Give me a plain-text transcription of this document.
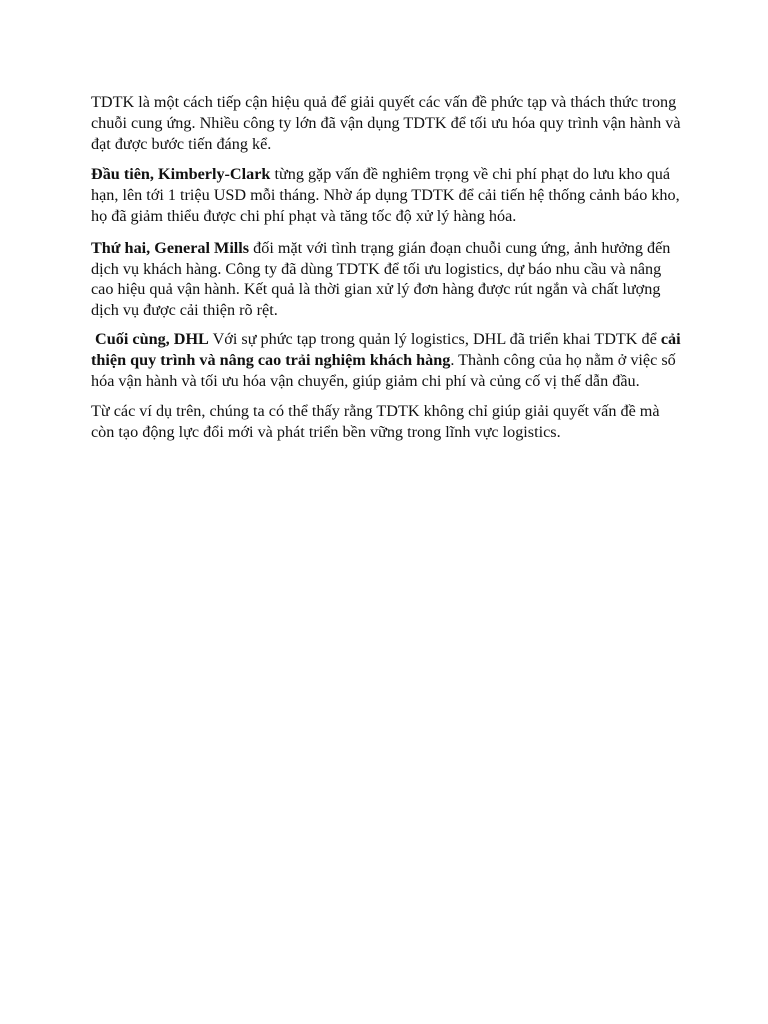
TDTK là một cách tiếp cận hiệu quả để giải quyết các vấn đề phức tạp và thách thức trong chuỗi cung ứng. Nhiều công ty lớn đã vận dụng TDTK để tối ưu hóa quy trình vận hành và đạt được bước tiến đáng kể.

Đầu tiên, Kimberly-Clark từng gặp vấn đề nghiêm trọng về chi phí phạt do lưu kho quá hạn, lên tới 1 triệu USD mỗi tháng. Nhờ áp dụng TDTK để cải tiến hệ thống cảnh báo kho, họ đã giảm thiểu được chi phí phạt và tăng tốc độ xử lý hàng hóa.

Thứ hai, General Mills đối mặt với tình trạng gián đoạn chuỗi cung ứng, ảnh hưởng đến dịch vụ khách hàng. Công ty đã dùng TDTK để tối ưu logistics, dự báo nhu cầu và nâng cao hiệu quả vận hành. Kết quả là thời gian xử lý đơn hàng được rút ngắn và chất lượng dịch vụ được cải thiện rõ rệt.

Cuối cùng, DHL Với sự phức tạp trong quản lý logistics, DHL đã triển khai TDTK để cải thiện quy trình và nâng cao trải nghiệm khách hàng. Thành công của họ nằm ở việc số hóa vận hành và tối ưu hóa vận chuyển, giúp giảm chi phí và củng cố vị thế dẫn đầu.

Từ các ví dụ trên, chúng ta có thể thấy rằng TDTK không chỉ giúp giải quyết vấn đề mà còn tạo động lực đổi mới và phát triển bền vững trong lĩnh vực logistics.
